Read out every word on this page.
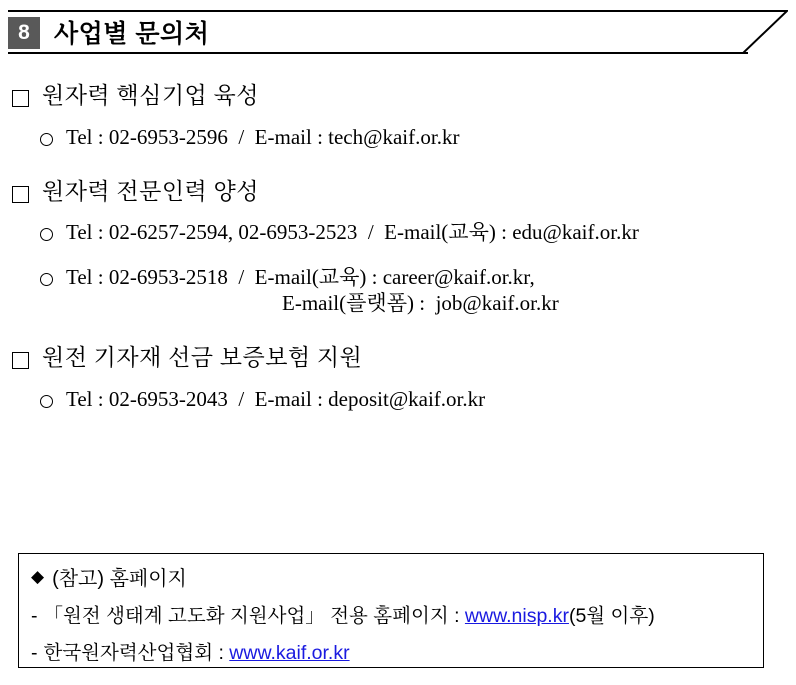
8 사업별 문의처
원자력 핵심기업 육성
Tel : 02-6953-2596  /  E-mail : tech@kaif.or.kr
원자력 전문인력 양성
Tel : 02-6257-2594, 02-6953-2523  /  E-mail(교육) : edu@kaif.or.kr
Tel : 02-6953-2518  /  E-mail(교육) : career@kaif.or.kr,
E-mail(플랫폼) :  job@kaif.or.kr
원전 기자재 선금 보증보험 지원
Tel : 02-6953-2043  /  E-mail : deposit@kaif.or.kr
◆ (참고) 홈페이지
- 「원전 생태계 고도화 지원사업」 전용 홈페이지 : www.nisp.kr(5월 이후)
- 한국원자력산업협회 : www.kaif.or.kr
